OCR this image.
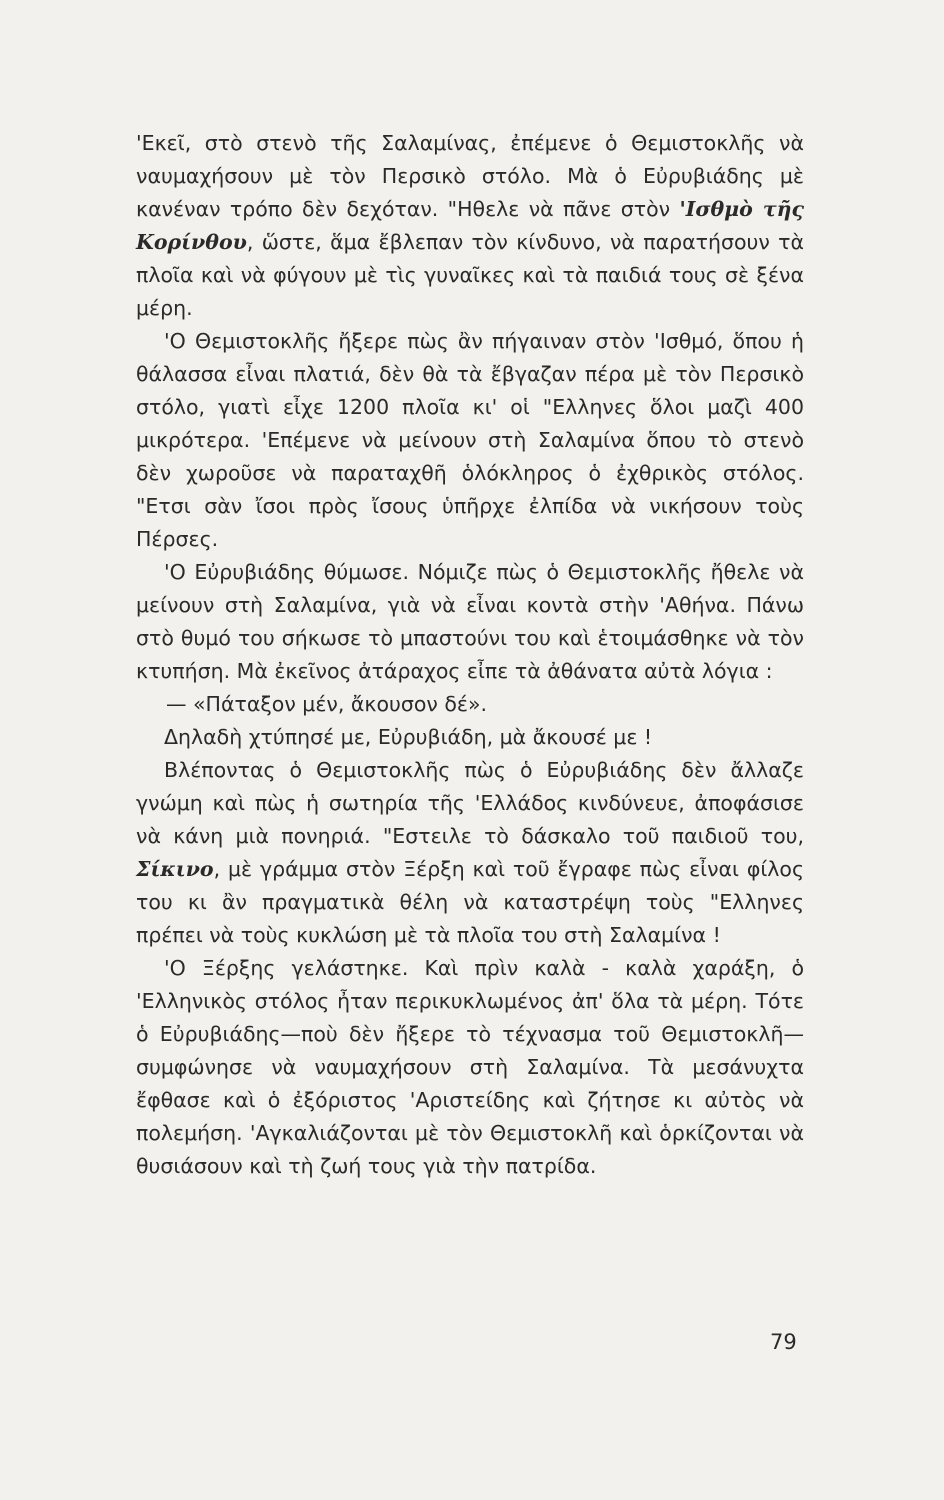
'Εκεῖ, στὸ στενὸ τῆς Σαλαμίνας, ἐπέμενε ὁ Θεμιστοκλῆς νὰ ναυμαχήσουν μὲ τὸν Περσικὸ στόλο. Μὰ ὁ Εὐρυβιάδης μὲ κανέναν τρόπο δὲν δεχόταν. "Ηθελε νὰ πᾶνε στὸν 'Ισθμὸ τῆς Κορίνθου, ὥστε, ἅμα ἔβλεπαν τὸν κίνδυνο, νὰ παρατήσουν τὰ πλοῖα καὶ νὰ φύγουν μὲ τὶς γυναῖκες καὶ τὰ παιδιά τους σὲ ξένα μέρη.

'Ο Θεμιστοκλῆς ἤξερε πὼς ἂν πήγαιναν στὸν 'Ισθμό, ὅπου ἡ θάλασσα εἶναι πλατιά, δὲν θὰ τὰ ἔβγαζαν πέρα μὲ τὸν Περσικὸ στόλο, γιατὶ εἶχε 1200 πλοῖα κι' οἱ "Ελληνες ὅλοι μαζὶ 400 μικρότερα. 'Επέμενε νὰ μείνουν στὴ Σαλαμίνα ὅπου τὸ στενὸ δὲν χωροῦσε νὰ παραταχθῆ ὁλόκληρος ὁ ἐχθρικὸς στόλος. "Ετσι σὰν ἴσοι πρὸς ἴσους ὑπῆρχε ἐλπίδα νὰ νικήσουν τοὺς Πέρσες.

'Ο Εὐρυβιάδης θύμωσε. Νόμιζε πὼς ὁ Θεμιστοκλῆς ἤθελε νὰ μείνουν στὴ Σαλαμίνα, γιὰ νὰ εἶναι κοντὰ στὴν 'Αθήνα. Πάνω στὸ θυμό του σήκωσε τὸ μπαστούνι του καὶ ἑτοιμάσθηκε νὰ τὸν κτυπήση. Μὰ ἐκεῖνος ἀτάραχος εἶπε τὰ ἀθάνατα αὐτὰ λόγια :

— «Πάταξον μέν, ἄκουσον δέ».

Δηλαδὴ χτύπησέ με, Εὐρυβιάδη, μὰ ἄκουσέ με !

Βλέποντας ὁ Θεμιστοκλῆς πὼς ὁ Εὐρυβιάδης δὲν ἄλλαζε γνώμη καὶ πὼς ἡ σωτηρία τῆς 'Ελλάδος κινδύνευε, ἀποφάσισε νὰ κάνη μιὰ πονηριά. "Εστειλε τὸ δάσκαλο τοῦ παιδιοῦ του, Σίκινο, μὲ γράμμα στὸν Ξέρξη καὶ τοῦ ἔγραφε πὼς εἶναι φίλος του κι ἂν πραγματικὰ θέλη νὰ καταστρέψη τοὺς "Ελληνες πρέπει νὰ τοὺς κυκλώση μὲ τὰ πλοῖα του στὴ Σαλαμίνα !

'Ο Ξέρξης γελάστηκε. Καὶ πρὶν καλὰ - καλὰ χαράξη, ὁ 'Ελληνικὸς στόλος ἦταν περικυκλωμένος ἀπ' ὅλα τὰ μέρη. Τότε ὁ Εὐρυβιάδης—ποὺ δὲν ἤξερε τὸ τέχνασμα τοῦ Θεμιστοκλῆ—συμφώνησε νὰ ναυμαχήσουν στὴ Σαλαμίνα. Τὰ μεσάνυχτα ἔφθασε καὶ ὁ ἐξόριστος 'Αριστείδης καὶ ζήτησε κι αὐτὸς νὰ πολεμήση. 'Αγκαλιάζονται μὲ τὸν Θεμιστοκλῆ καὶ ὁρκίζονται νὰ θυσιάσουν καὶ τὴ ζωή τους γιὰ τὴν πατρίδα.

79
